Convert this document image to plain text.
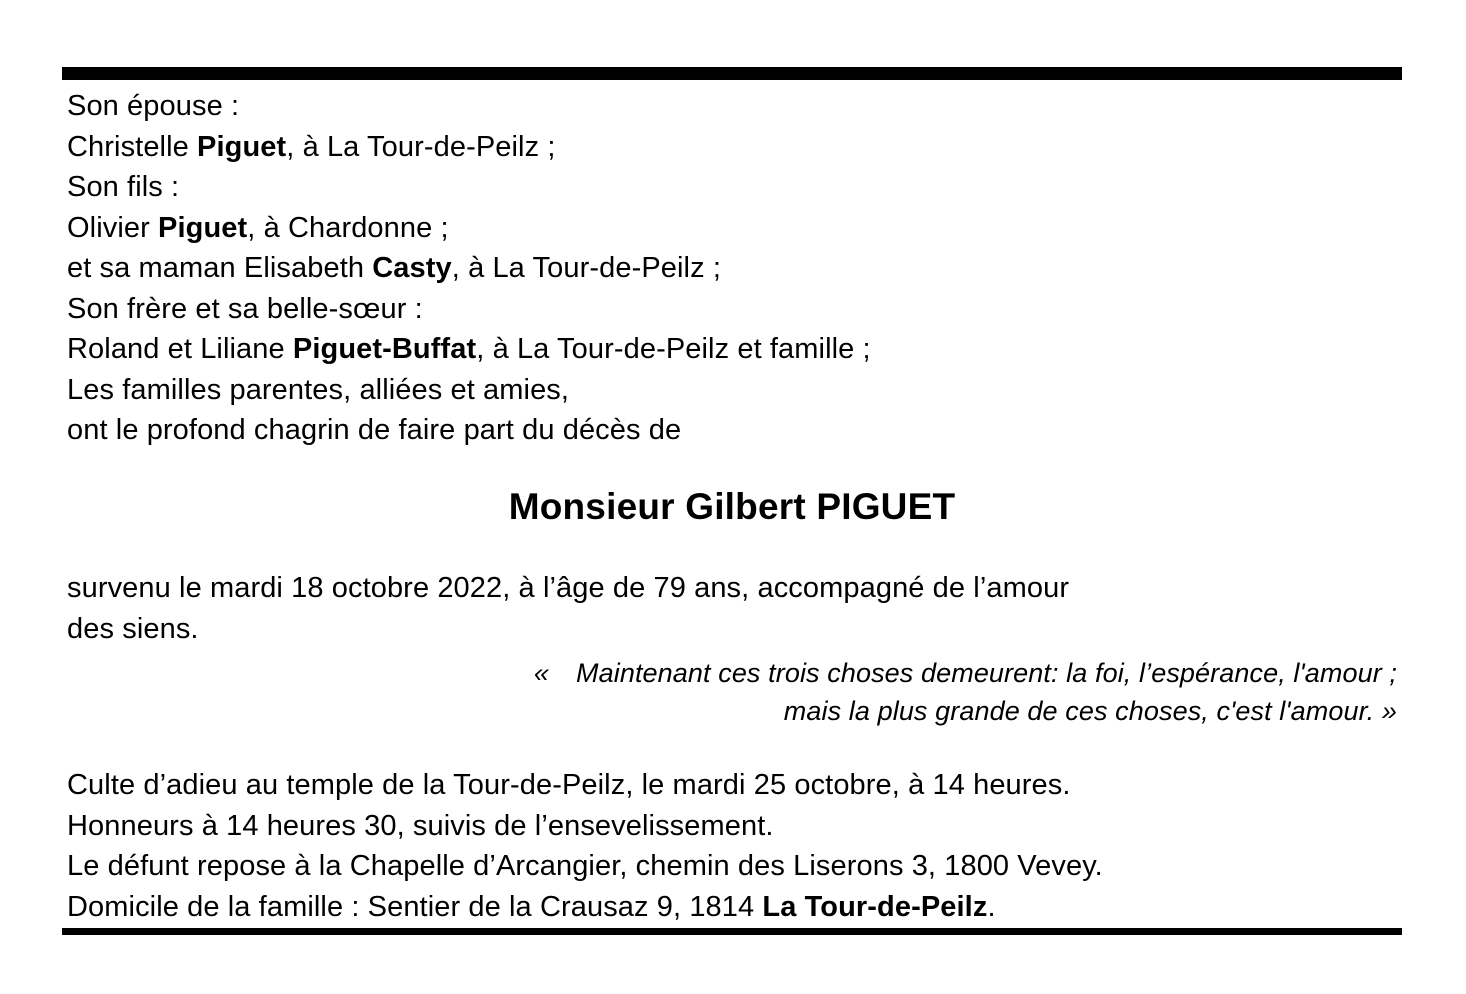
Son épouse :
Christelle Piguet, à La Tour-de-Peilz ;
Son fils :
Olivier Piguet, à Chardonne ;
et sa maman Elisabeth Casty, à La Tour-de-Peilz ;
Son frère et sa belle-sœur :
Roland et Liliane Piguet-Buffat, à La Tour-de-Peilz et famille ;
Les familles parentes, alliées et amies,
ont le profond chagrin de faire part du décès de
Monsieur Gilbert PIGUET
survenu le mardi 18 octobre 2022, à l’âge de 79 ans, accompagné de l’amour
des siens.
« Maintenant ces trois choses demeurent: la foi, l’espérance, l'amour ;
mais la plus grande de ces choses, c'est l'amour. »
Culte d’adieu au temple de la Tour-de-Peilz, le mardi 25 octobre, à 14 heures.
Honneurs à 14 heures 30, suivis de l’ensevelissement.
Le défunt repose à la Chapelle d’Arcangier, chemin des Liserons 3, 1800 Vevey.
Domicile de la famille : Sentier de la Crausaz 9, 1814 La Tour-de-Peilz.
